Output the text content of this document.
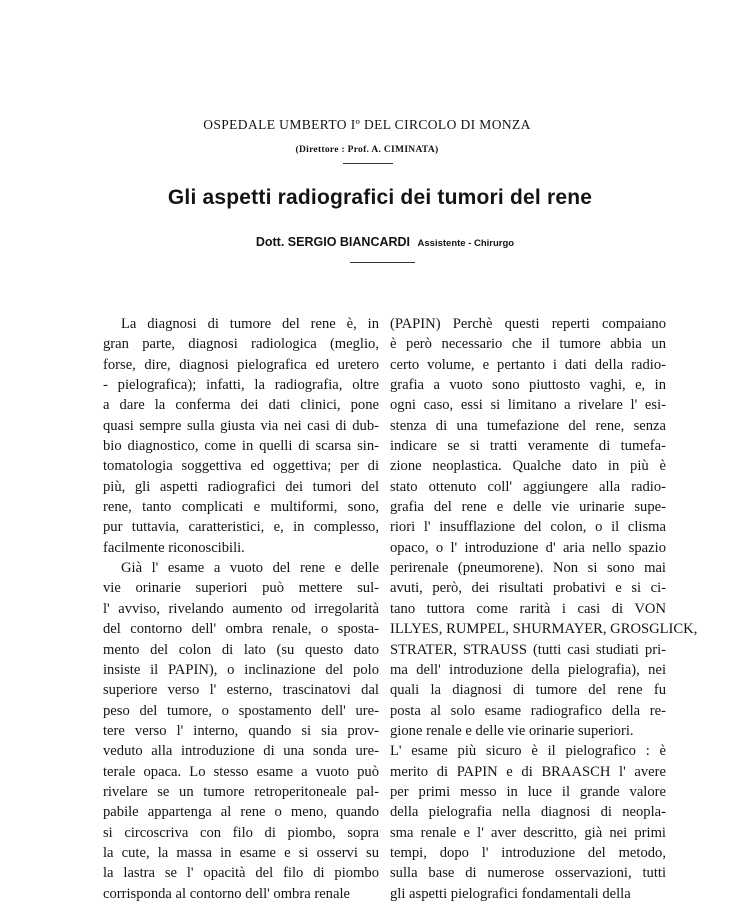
OSPEDALE UMBERTO Iº DEL CIRCOLO DI MONZA
(Direttore : Prof. A. CIMINATA)
Gli aspetti radiografici dei tumori del rene
Dott. SERGIO BIANCARDI Assistente - Chirurgo
La diagnosi di tumore del rene è, in
gran parte, diagnosi radiologica (meglio,
forse, dire, diagnosi pielografica ed uretero
- pielografica); infatti, la radiografia, oltre
a dare la conferma dei dati clinici, pone
quasi sempre sulla giusta via nei casi di dub-
bio diagnostico, come in quelli di scarsa sin-
tomatologia soggettiva ed oggettiva; per di
più, gli aspetti radiografici dei tumori del
rene, tanto complicati e multiformi, sono,
pur tuttavia, caratteristici, e, in complesso,
facilmente riconoscibili.
Già l' esame a vuoto del rene e delle
vie orinarie superiori può mettere sul-
l' avviso, rivelando aumento od irregolarità
del contorno dell' ombra renale, o sposta-
mento del colon di lato (su questo dato
insiste il PAPIN), o inclinazione del polo
superiore verso l' esterno, trascinatovi dal
peso del tumore, o spostamento dell' ure-
tere verso l' interno, quando si sia prov-
veduto alla introduzione di una sonda ure-
terale opaca. Lo stesso esame a vuoto può
rivelare se un tumore retroperitoneale pal-
pabile appartenga al rene o meno, quando
si circoscriva con filo di piombo, sopra
la cute, la massa in esame e si osservi su
la lastra se l' opacità del filo di piombo
corrisponda al contorno dell' ombra renale
(PAPIN) Perchè questi reperti compaiano
è però necessario che il tumore abbia un
certo volume, e pertanto i dati della radio-
grafia a vuoto sono piuttosto vaghi, e, in
ogni caso, essi si limitano a rivelare l' esi-
stenza di una tumefazione del rene, senza
indicare se si tratti veramente di tumefa-
zione neoplastica. Qualche dato in più è
stato ottenuto coll' aggiungere alla radio-
grafia del rene e delle vie urinarie supe-
riori l' insufflazione del colon, o il clisma
opaco, o l' introduzione d' aria nello spazio
perirenale (pneumorene). Non si sono mai
avuti, però, dei risultati probativi e si ci-
tano tuttora come rarità i casi di VON
ILLYES, RUMPEL, SHURMAYER, GROSGLICK,
STRATER, STRAUSS (tutti casi studiati pri-
ma dell' introduzione della pielografia), nei
quali la diagnosi di tumore del rene fu
posta al solo esame radiografico della re-
gione renale e delle vie orinarie superiori.
L' esame più sicuro è il pielografico : è
merito di PAPIN e di BRAASCH l' avere
per primi messo in luce il grande valore
della pielografia nella diagnosi di neopla-
sma renale e l' aver descritto, già nei primi
tempi, dopo l' introduzione del metodo,
sulla base di numerose osservazioni, tutti
gli aspetti pielografici fondamentali della
